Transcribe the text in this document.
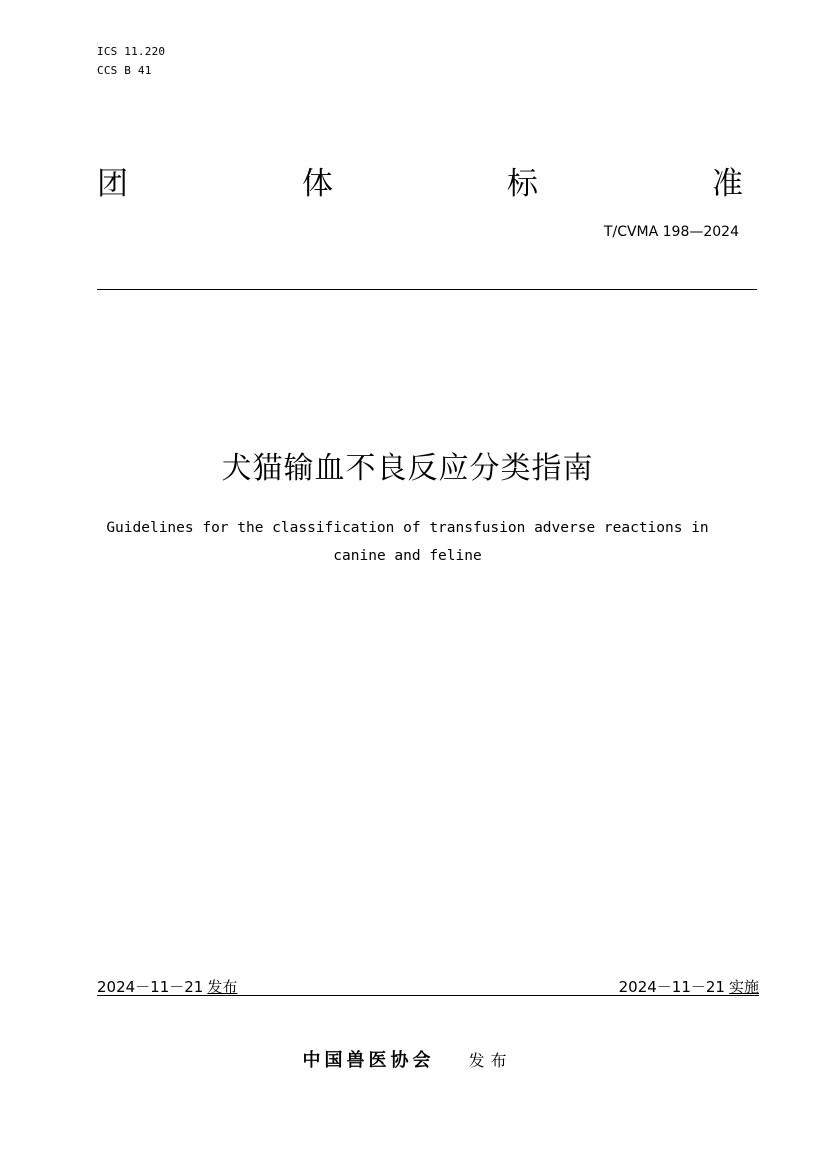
ICS 11.220
CCS B 41
团	体	标	准
T/CVMA 198—2024
犬猫输血不良反应分类指南
Guidelines for the classification of transfusion adverse reactions in
canine and feline
2024－11－21 发布	2024－11－21 实施
中国兽医协会 发布
